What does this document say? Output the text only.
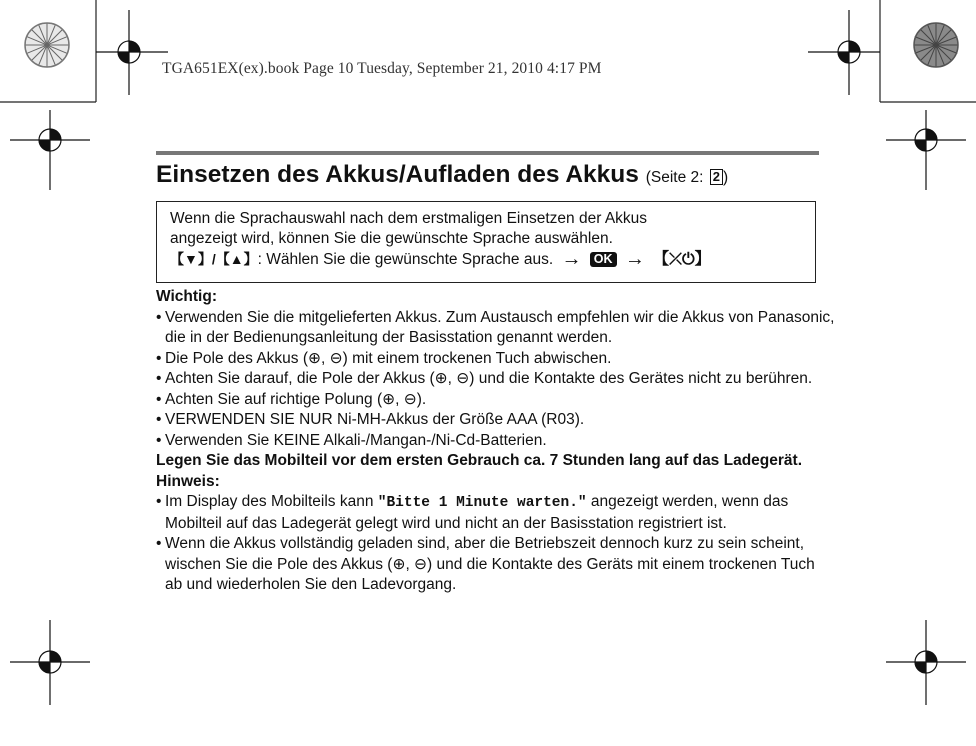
TGA651EX(ex).book Page 10 Tuesday, September 21, 2010 4:17 PM
Einsetzen des Akkus/Aufladen des Akkus (Seite 2: 2 )
Wenn die Sprachauswahl nach dem erstmaligen Einsetzen der Akkus
angezeigt wird, können Sie die gewünschte Sprache auswählen.
【▼】/【▲】: Wählen Sie die gewünschte Sprache aus. → OK → 【⤫⏻】
Wichtig:
• Verwenden Sie die mitgelieferten Akkus. Zum Austausch empfehlen wir die Akkus von Panasonic, die in der Bedienungsanleitung der Basisstation genannt werden.
• Die Pole des Akkus (⊕, ⊖) mit einem trockenen Tuch abwischen.
• Achten Sie darauf, die Pole der Akkus (⊕, ⊖) und die Kontakte des Gerätes nicht zu berühren.
• Achten Sie auf richtige Polung (⊕, ⊖).
• VERWENDEN SIE NUR Ni-MH-Akkus der Größe AAA (R03).
• Verwenden Sie KEINE Alkali-/Mangan-/Ni-Cd-Batterien.
Legen Sie das Mobilteil vor dem ersten Gebrauch ca. 7 Stunden lang auf das Ladegerät.
Hinweis:
• Im Display des Mobilteils kann "Bitte 1 Minute warten." angezeigt werden, wenn das Mobilteil auf das Ladegerät gelegt wird und nicht an der Basisstation registriert ist.
• Wenn die Akkus vollständig geladen sind, aber die Betriebszeit dennoch kurz zu sein scheint, wischen Sie die Pole des Akkus (⊕, ⊖) und die Kontakte des Geräts mit einem trockenen Tuch ab und wiederholen Sie den Ladevorgang.
